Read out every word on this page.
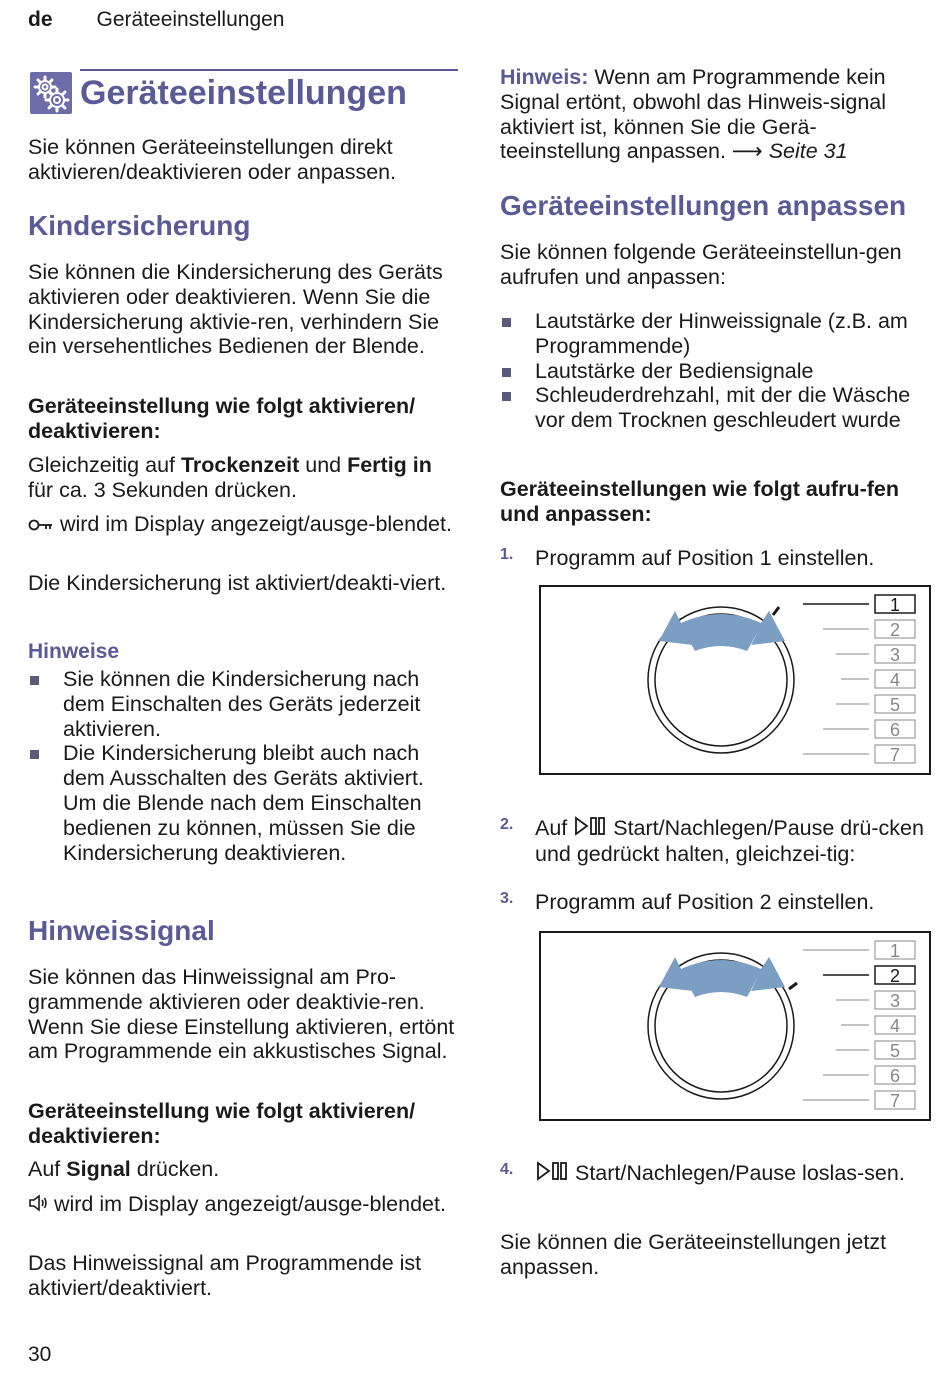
de Geräteeinstellungen
Geräteeinstellungen

Sie können Geräteeinstellungen direkt aktivieren/deaktivieren oder anpassen.

Kindersicherung

Sie können die Kindersicherung des Geräts aktivieren oder deaktivieren. Wenn Sie die Kindersicherung aktivie-ren, verhindern Sie ein versehentliches Bedienen der Blende.

Geräteeinstellung wie folgt aktivieren/ deaktivieren:

Gleichzeitig auf Trockenzeit und Fertig in für ca. 3 Sekunden drücken.

wird im Display angezeigt/ausge-blendet.

Die Kindersicherung ist aktiviert/deakti-viert.

Hinweise
Sie können die Kindersicherung nach dem Einschalten des Geräts jederzeit aktivieren.
Die Kindersicherung bleibt auch nach dem Ausschalten des Geräts aktiviert. Um die Blende nach dem Einschalten bedienen zu können, müssen Sie die Kindersicherung deaktivieren.
Hinweissignal

Sie können das Hinweissignal am Pro-grammende aktivieren oder deaktivie-ren. Wenn Sie diese Einstellung aktivieren, ertönt am Programmende ein akkustisches Signal.

Geräteeinstellung wie folgt aktivieren/ deaktivieren:

Auf Signal drücken.

wird im Display angezeigt/ausge-blendet.

Das Hinweissignal am Programmende ist aktiviert/deaktiviert.

Hinweis: Wenn am Programmende kein Signal ertönt, obwohl das Hinweis-signal aktiviert ist, können Sie die Gerä-teeinstellung anpassen. ⟶ Seite 31

Geräteeinstellungen anpassen

Sie können folgende Geräteeinstellun-gen aufrufen und anpassen:

Lautstärke der Hinweissignale (z.B. am Programmende)
Lautstärke der Bediensignale
Schleuderdrehzahl, mit der die Wäsche vor dem Trocknen geschleudert wurde

Geräteeinstellungen wie folgt aufru-fen und anpassen:

1. Programm auf Position 1 einstellen.

1
2
3
4
5
6
7
2. Auf  Start/Nachlegen/Pause drü-cken und gedrückt halten, gleichzei-tig:

3. Programm auf Position 2 einstellen.

1
2
3
4
5
6
7
4.	Start/Nachlegen/Pause loslas-sen.

Sie können die Geräteeinstellungen jetzt anpassen.

30
